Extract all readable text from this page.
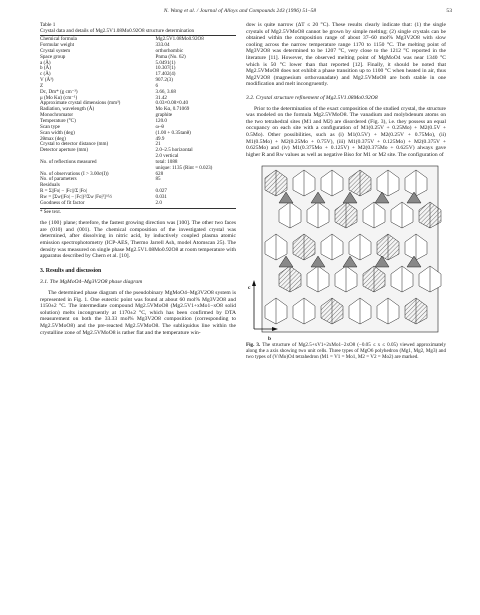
N. Wang et al. / Journal of Alloys and Compounds 243 (1996) 51–58	53

Table 1

Crystal data and details of Mg2.5V1.08Mo0.92O8 structure determination

Chemical formula	Mg2.5V1.08Mo0.92O8
Formular weight	333.04
Crystal system	orthorhombic
Space group	Pnma (No. 62)
a (Å)	5.0491(1)
b (Å)	10.307(1)
c (Å)	17.402(4)
V (Å³)	907.2(3)
Z	6
Dc, Dm* (g cm⁻³)	3.66, 3.68
μ (Mo Kα) (cm⁻¹)	31.42
Approximate crystal dimensions (mm³)	0.03×0.08×0.40
Radiation, wavelength (Å)	Mo Kα, 0.71069
Monochromator	graphite
Temperature (°C)	120.0
Scan type	ω–θ
Scan width (deg)	(1.00 + 0.35tanθ)
2θmax (deg)	49.9
Crystal to detector distance (mm)	21
Detector aperture (mm)	2.0–2.5 horizontal
	2.0 vertical
No. of reflections measured	total: 1088
	unique: 1135 (Rint = 0.023)
No. of observations (I > 3.00σ(I))	628
No. of parameters	85
Residuals	
R = Σ||Fo| − |Fc||/Σ |Fo|	0.027
Rw = [Σw(|Fo| − |Fc|)²/Σw |Fo|²]^½	0.031
Goodness of fit factor	2.0
* See text.

the {100} plane; therefore, the fastest growing direction was [100]. The other two faces are (010) and (001). The chemical composition of the investigated crystal was determined, after dissolving in nitric acid, by inductively coupled plasma atomic emission spectrophotometry (ICP-AES, Thermo Jarrell Ash, model Atomscan 25). The density was measured on single phase Mg2.5V1.08Mo0.92O8 at room temperature with apparatus described by Chern et al. [10].

3. Results and discussion
3.1. The MgMoO4–Mg3V2O8 phase diagram

The determined phase diagram of the pseudobinary MgMoO4–Mg3V2O8 system is represented in Fig. 1. One eutectic point was found at about 60 mol% Mg3V2O8 and 1150±2 °C. The intermediate compound Mg2.5VMoO8 (Mg2.5V1+xMo1−xO8 solid solution) melts incongruently at 1170±2 °C, which has been confirmed by DTA measurement on both the 33.33 mol% Mg3V2O8 composition (corresponding to Mg2.5VMoO8) and the pre-reacted Mg2.5VMoO8. The subliquidus line within the crystalline zone of Mg2.5VMoO8 is rather flat and the temperature win-

dow is quite narrow (ΔT ≤ 20 °C). These results clearly indicate that: (1) the single crystals of Mg2.5VMoO8 cannot be grown by simple melting; (2) single crystals can be obtained within the composition range of about 37–60 mol% Mg3V2O8 with slow cooling across the narrow temperature range 1170 to 1150 °C. The melting point of Mg3V2O8 was determined to be 1207 °C, very close to the 1212 °C reported in the literature [11]. However, the observed melting point of MgMoO4 was near 1340 °C which is 50 °C lower than that reported [12]. Finally, it should be noted that Mg2.5VMoO8 does not exhibit a phase transition up to 1100 °C when heated in air, thus Mg2V2O8 (magnesium orthovanadate) and Mg2.5VMoO8 are both stable in one modification and melt incongruently.

3.2. Crystal structure refinement of Mg2.5V1.08Mo0.92O8

Prior to the determination of the exact composition of the studied crystal, the structure was modeled on the formula Mg2.5VMoO8. The vanadium and molybdenum atoms on the two tetrahedral sites (M1 and M2) are disordered (Fig. 3), i.e. they possess an equal occupancy on each site with a configuration of M1(0.25V + 0.25Mo) + M2(0.5V + 0.5Mo). Other possibilities, such as (i) M1(0.5V) + M2(0.25V + 0.75Mo), (ii) M1(0.5Mo) + M2(0.25Mo + 0.75V), (iii) M1(0.375V + 0.125Mo) + M2(0.375V + 0.625Mo) and (iv) M1(0.375Mo + 0.125V) + M2(0.375Mo + 0.625V) always gave higher R and Rw values as well as negative Biso for M1 or M2 site. The configuration of

c
b

Fig. 3. The structure of Mg2.5+xV1+2xMo1−2xO8 (−0.05 ≤ x ≤ 0.05) viewed approximately along the a axis showing two unit cells. Three types of MgO6 polyhedron (Mg1, Mg2, Mg3) and two types of (V/Mo)O4 tetrahedron (M1 = V1 = Mo1, M2 = V2 = Mo2) are marked.
